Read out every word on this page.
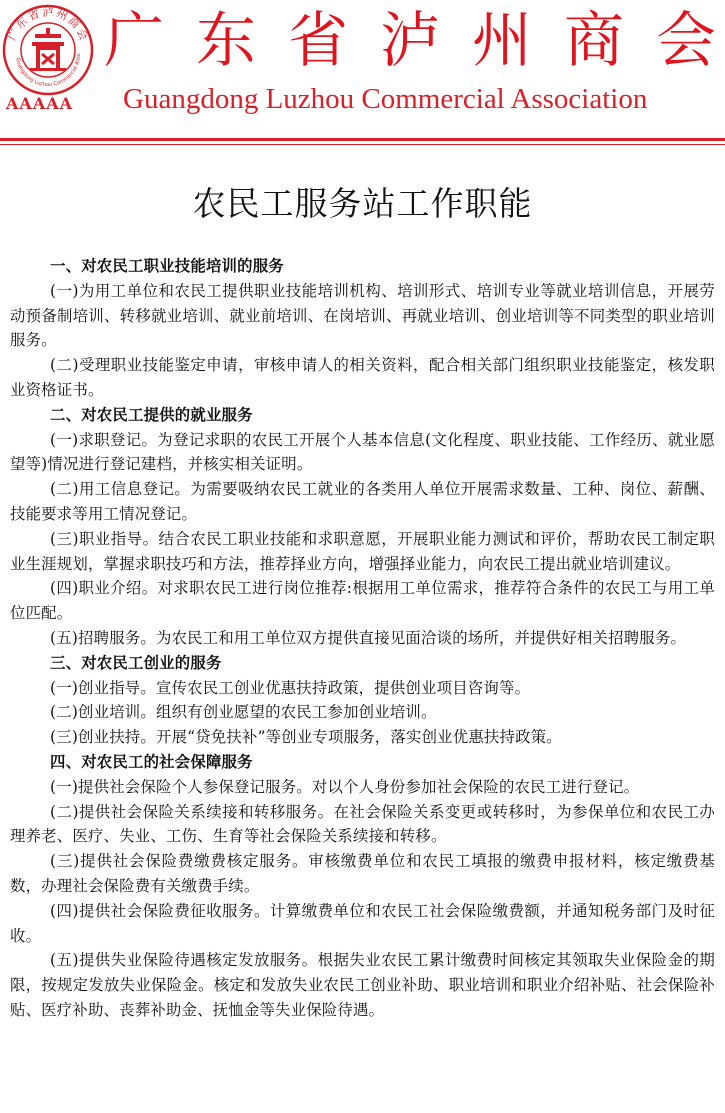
广东省泸州商会
Guangdong Luzhou Commercial Asso
AAAAA
广 东 省 泸 州 商 会
Guangdong Luzhou Commercial Association
农民工服务站工作职能
一、对农民工职业技能培训的服务

(一)为用工单位和农民工提供职业技能培训机构、培训形式、培训专业等就业培训信息，开展劳动预备制培训、转移就业培训、就业前培训、在岗培训、再就业培训、创业培训等不同类型的职业培训服务。

(二)受理职业技能鉴定申请，审核申请人的相关资料，配合相关部门组织职业技能鉴定，核发职业资格证书。

二、对农民工提供的就业服务

(一)求职登记。为登记求职的农民工开展个人基本信息(文化程度、职业技能、工作经历、就业愿望等)情况进行登记建档，并核实相关证明。

(二)用工信息登记。为需要吸纳农民工就业的各类用人单位开展需求数量、工种、岗位、薪酬、技能要求等用工情况登记。

(三)职业指导。结合农民工职业技能和求职意愿，开展职业能力测试和评价，帮助农民工制定职业生涯规划，掌握求职技巧和方法，推荐择业方向，增强择业能力，向农民工提出就业培训建议。

(四)职业介绍。对求职农民工进行岗位推荐:根据用工单位需求，推荐符合条件的农民工与用工单位匹配。

(五)招聘服务。为农民工和用工单位双方提供直接见面洽谈的场所，并提供好相关招聘服务。

三、对农民工创业的服务

(一)创业指导。宣传农民工创业优惠扶持政策，提供创业项目咨询等。

(二)创业培训。组织有创业愿望的农民工参加创业培训。

(三)创业扶持。开展“贷免扶补”等创业专项服务，落实创业优惠扶持政策。

四、对农民工的社会保障服务

(一)提供社会保险个人参保登记服务。对以个人身份参加社会保险的农民工进行登记。

(二)提供社会保险关系续接和转移服务。在社会保险关系变更或转移时，为参保单位和农民工办理养老、医疗、失业、工伤、生育等社会保险关系续接和转移。

(三)提供社会保险费缴费核定服务。审核缴费单位和农民工填报的缴费申报材料，核定缴费基数，办理社会保险费有关缴费手续。

(四)提供社会保险费征收服务。计算缴费单位和农民工社会保险缴费额，并通知税务部门及时征收。

(五)提供失业保险待遇核定发放服务。根据失业农民工累计缴费时间核定其领取失业保险金的期限，按规定发放失业保险金。核定和发放失业农民工创业补助、职业培训和职业介绍补贴、社会保险补贴、医疗补助、丧葬补助金、抚恤金等失业保险待遇。
